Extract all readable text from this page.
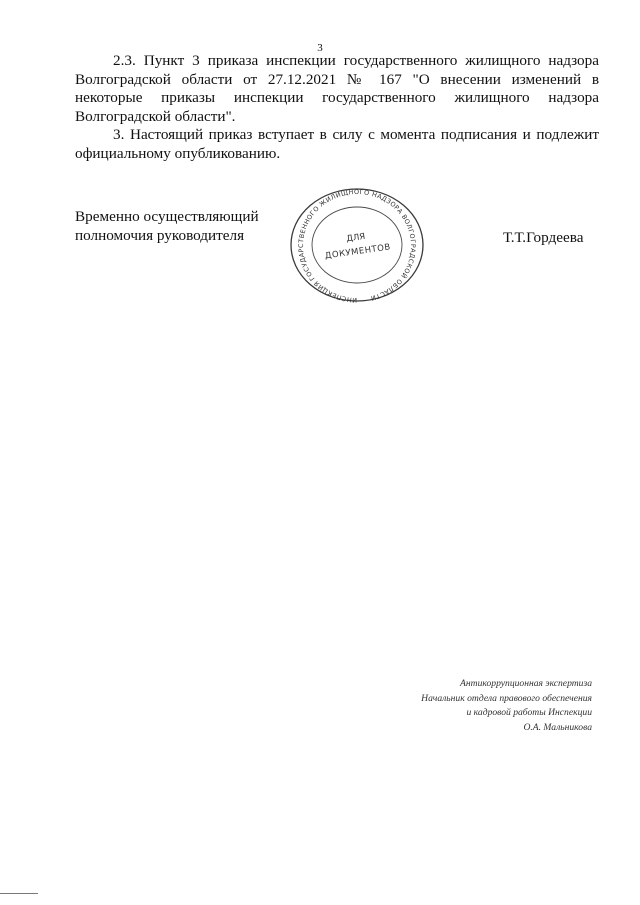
3

2.3. Пункт 3 приказа инспекции государственного жилищного надзора Волгоградской области от 27.12.2021 № 167 "О внесении изменений в некоторые приказы инспекции государственного жилищного надзора Волгоградской области".

3. Настоящий приказ вступает в силу с момента подписания и подлежит официальному опубликованию.

Временно осуществляющий
полномочия руководителя
ИНСПЕКЦИЯ ГОСУДАРСТВЕННОГО ЖИЛИЩНОГО НАДЗОРА ВОЛГОГРАДСКОЙ ОБЛАСТИ
ДЛЯ
ДОКУМЕНТОВ
Т.Т.Гордеева
Антикоррупционная экспертиза
Начальник отдела правового обеспечения
и кадровой работы Инспекции
О.А. Мальникова
